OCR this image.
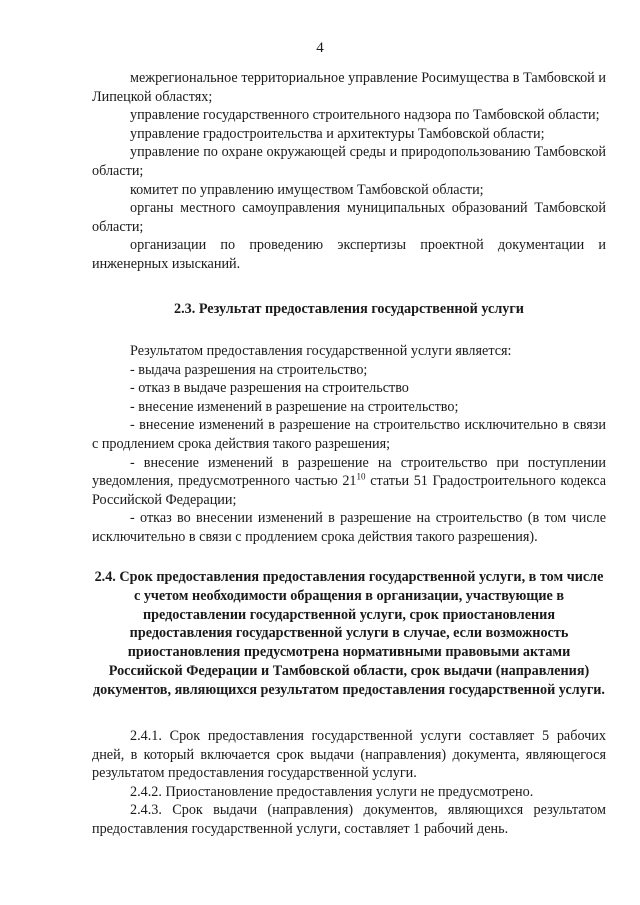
4

межрегиональное территориальное управление Росимущества в Тамбовской и Липецкой областях;

управление государственного строительного надзора по Тамбовской области;

управление градостроительства и архитектуры Тамбовской области;

управление по охране окружающей среды и природопользованию Тамбовской области;

комитет по управлению имуществом Тамбовской области;

органы местного самоуправления муниципальных образований Тамбовской области;

организации по проведению экспертизы проектной документации и инженерных изысканий.

2.3. Результат предоставления государственной услуги

Результатом предоставления государственной услуги является:

- выдача разрешения на строительство;

- отказ в выдаче разрешения на строительство

- внесение изменений в разрешение на строительство;

- внесение изменений в разрешение на строительство исключительно в связи с продлением срока действия такого разрешения;

- внесение изменений в разрешение на строительство при поступлении уведомления, предусмотренного частью $21^{10}$ статьи 51 Градостроительного кодекса Российской Федерации;

- отказ во внесении изменений в разрешение на строительство (в том числе исключительно в связи с продлением срока действия такого разрешения).

2.4. Срок предоставления предоставления государственной услуги, в том числе с учетом необходимости обращения в организации, участвующие в предоставлении государственной услуги, срок приостановления предоставления государственной услуги в случае, если возможность приостановления предусмотрена нормативными правовыми актами Российской Федерации и Тамбовской области, срок выдачи (направления) документов, являющихся результатом предоставления государственной услуги.

2.4.1. Срок предоставления государственной услуги составляет 5 рабочих дней, в который включается срок выдачи (направления) документа, являющегося результатом предоставления государственной услуги.

2.4.2. Приостановление предоставления услуги не предусмотрено.

2.4.3. Срок выдачи (направления) документов, являющихся результатом предоставления государственной услуги, составляет 1 рабочий день.
